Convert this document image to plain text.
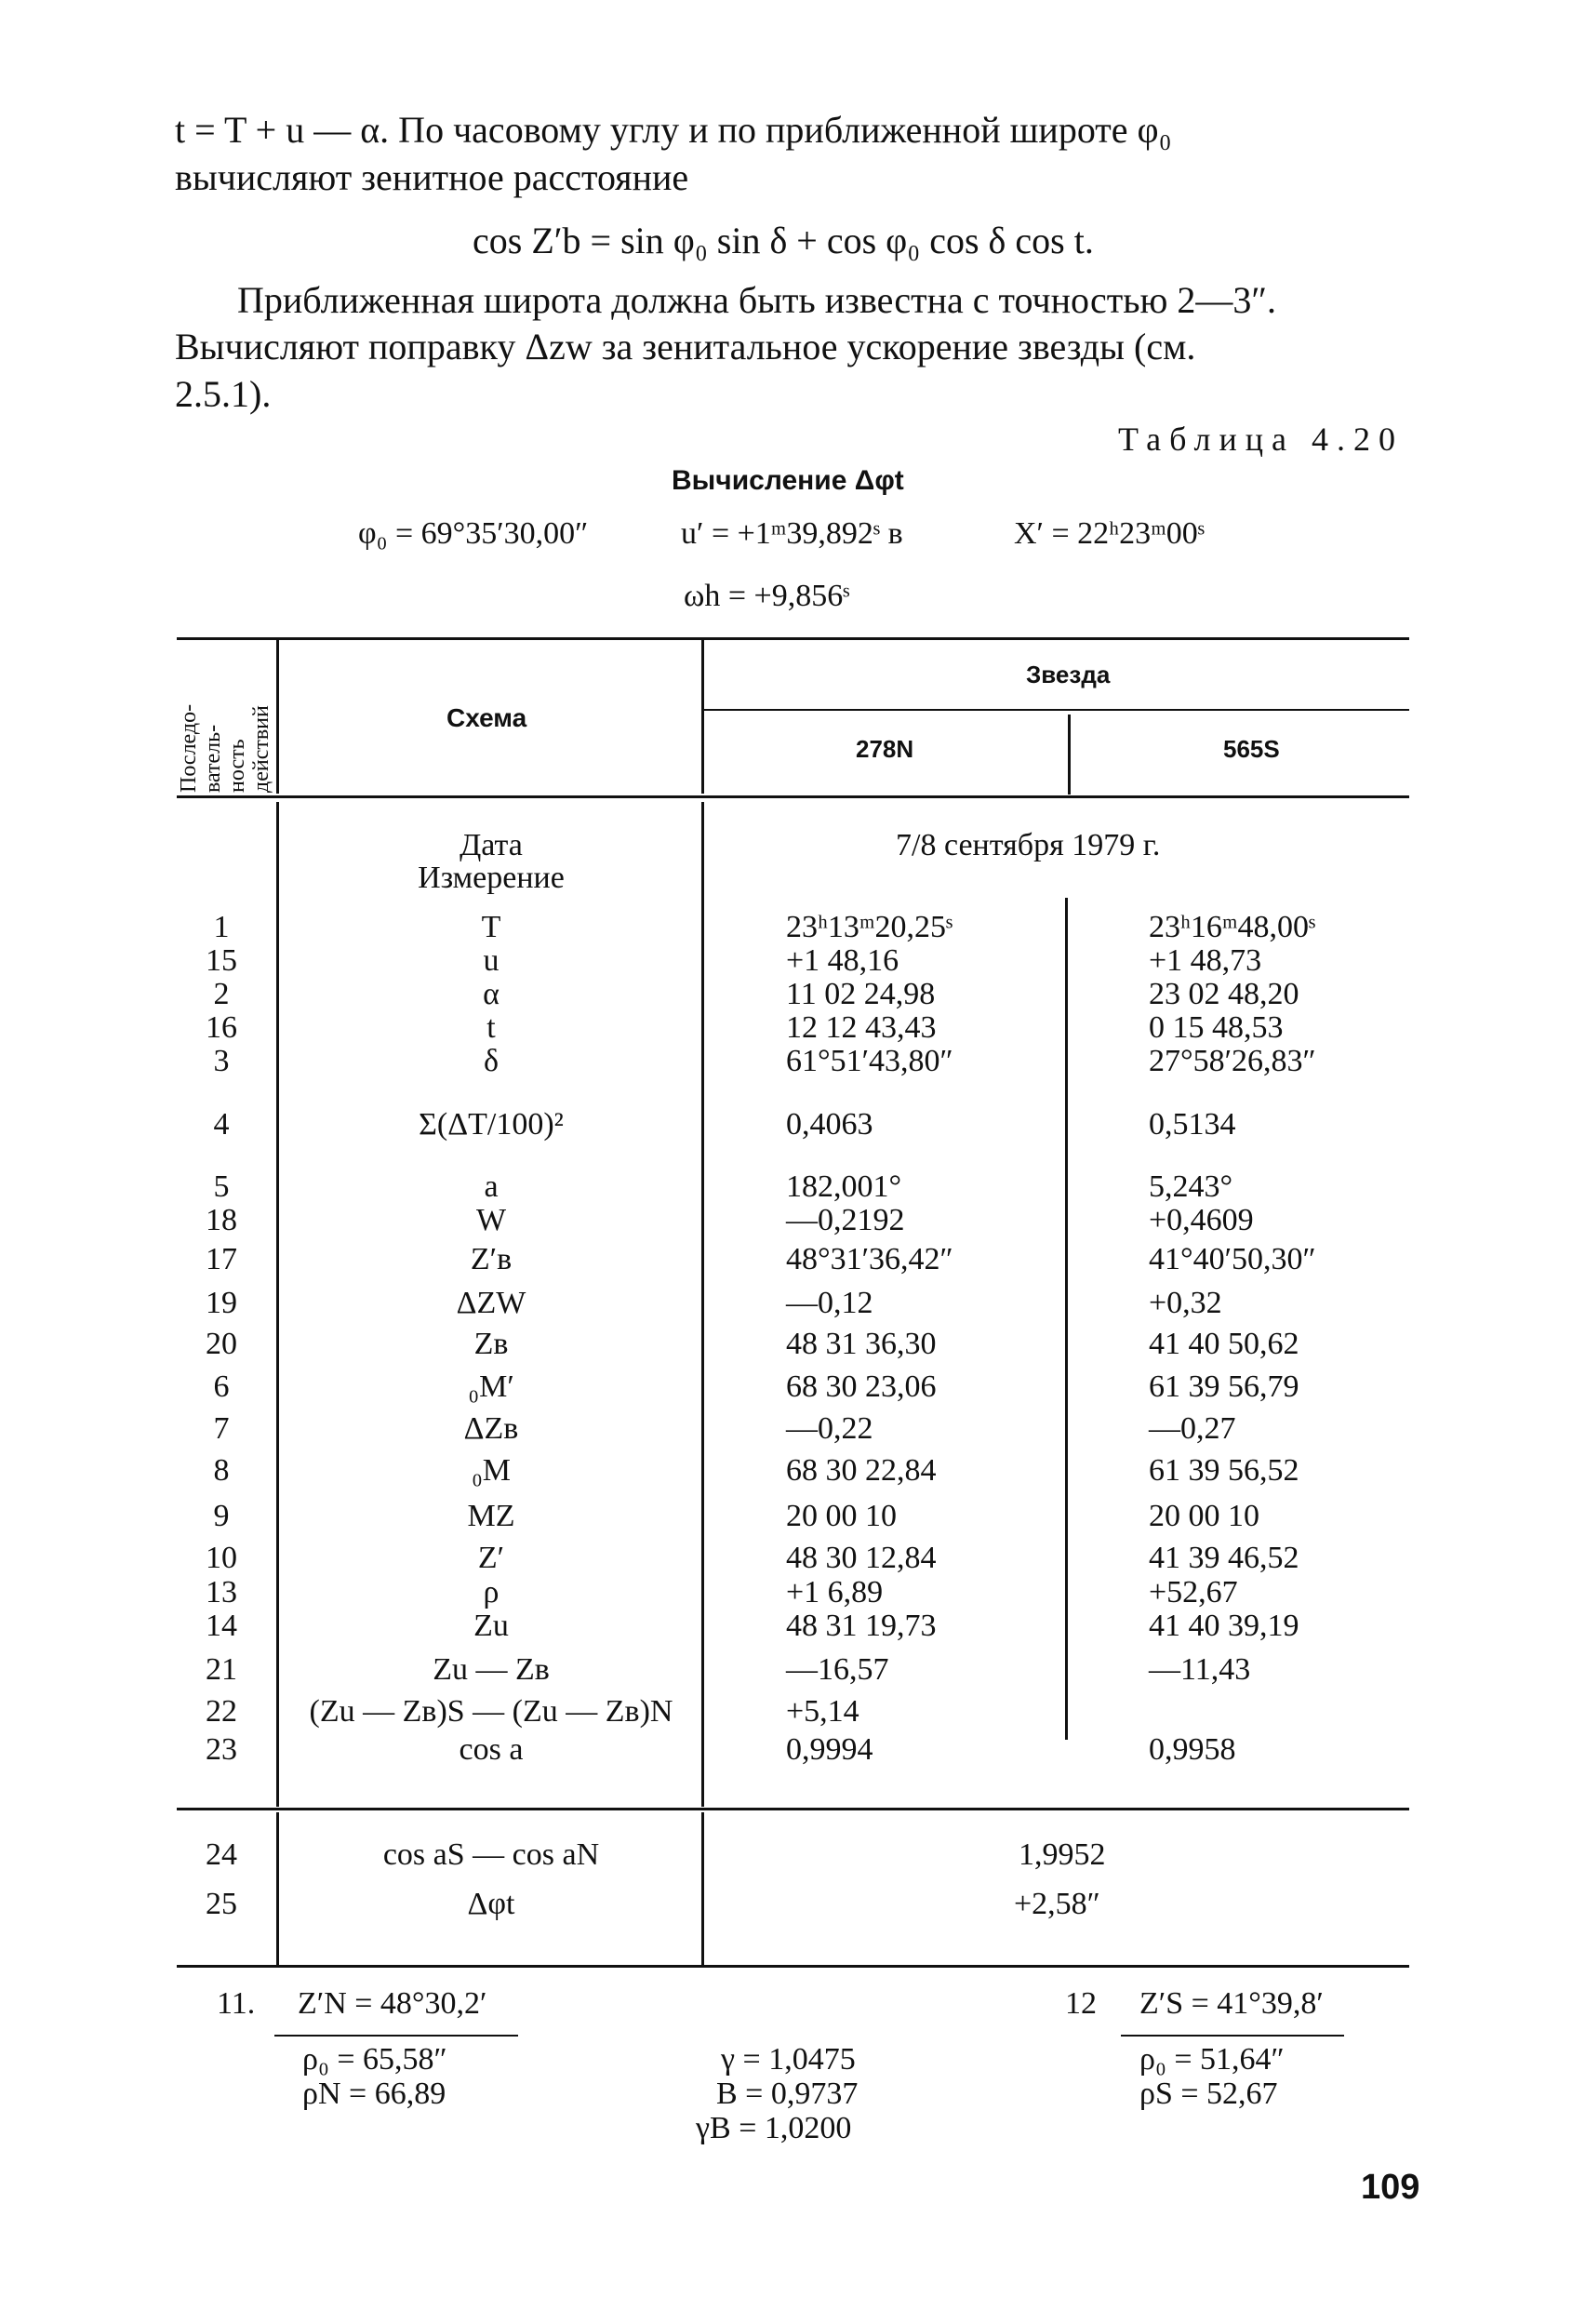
t = T + u — α. По часовому углу и по приближенной широте φ₀
вычисляют зенитное расстояние
cos Z′b = sin φ₀ sin δ + cos φ₀ cos δ cos t.
Приближенная широта должна быть известна с точностью 2—3″.
Вычисляют поправку Δzw за зенитальное ускорение звезды (см.
2.5.1).
Таблица 4.20
Вычисление Δφt
φ₀ = 69°35′30,00″	u′ = +1ᵐ39,892ˢ в	X′ = 22ʰ23ᵐ00ˢ
ωh = +9,856ˢ
Последо- ватель- ность действий	Схема
Звезда
278N	565S
Дата
Измерение
7/8 сентября 1979 г.
1	T	23ʰ13ᵐ20,25ˢ	23ʰ16ᵐ48,00ˢ
15	u	+1 48,16	+1 48,73
2	α	11 02 24,98	23 02 48,20
16	t	12 12 43,43	0 15 48,53
3	δ	61°51′43,80″	27°58′26,83″
4	Σ(ΔT/100)²	0,4063	0,5134
5	a	182,001°	5,243°
18	W	—0,2192	+0,4609
17	Z′в	48°31′36,42″	41°40′50,30″
19	ΔZW	—0,12	+0,32
20	Zв	48 31 36,30	41 40 50,62
6	₀M′	68 30 23,06	61 39 56,79
7	ΔZв	—0,22	—0,27
8	₀M	68 30 22,84	61 39 56,52
9	MZ	20 00 10	20 00 10
10	Z′	48 30 12,84	41 39 46,52
13	ρ	+1 6,89	+52,67
14	Zu	48 31 19,73	41 40 39,19
21	Zu — Zв	—16,57	—11,43
22	(Zu — Zв)S — (Zu — Zв)N	+5,14
23	cos a	0,9994	0,9958
24	cos aS — cos aN	1,9952
25	Δφt	+2,58″
11. Z′N = 48°30,2′
ρ₀ = 65,58″
ρN = 66,89
γ = 1,0475
B = 0,9737
γB = 1,0200
12 Z′S = 41°39,8′
ρ₀ = 51,64″
ρS = 52,67
109
